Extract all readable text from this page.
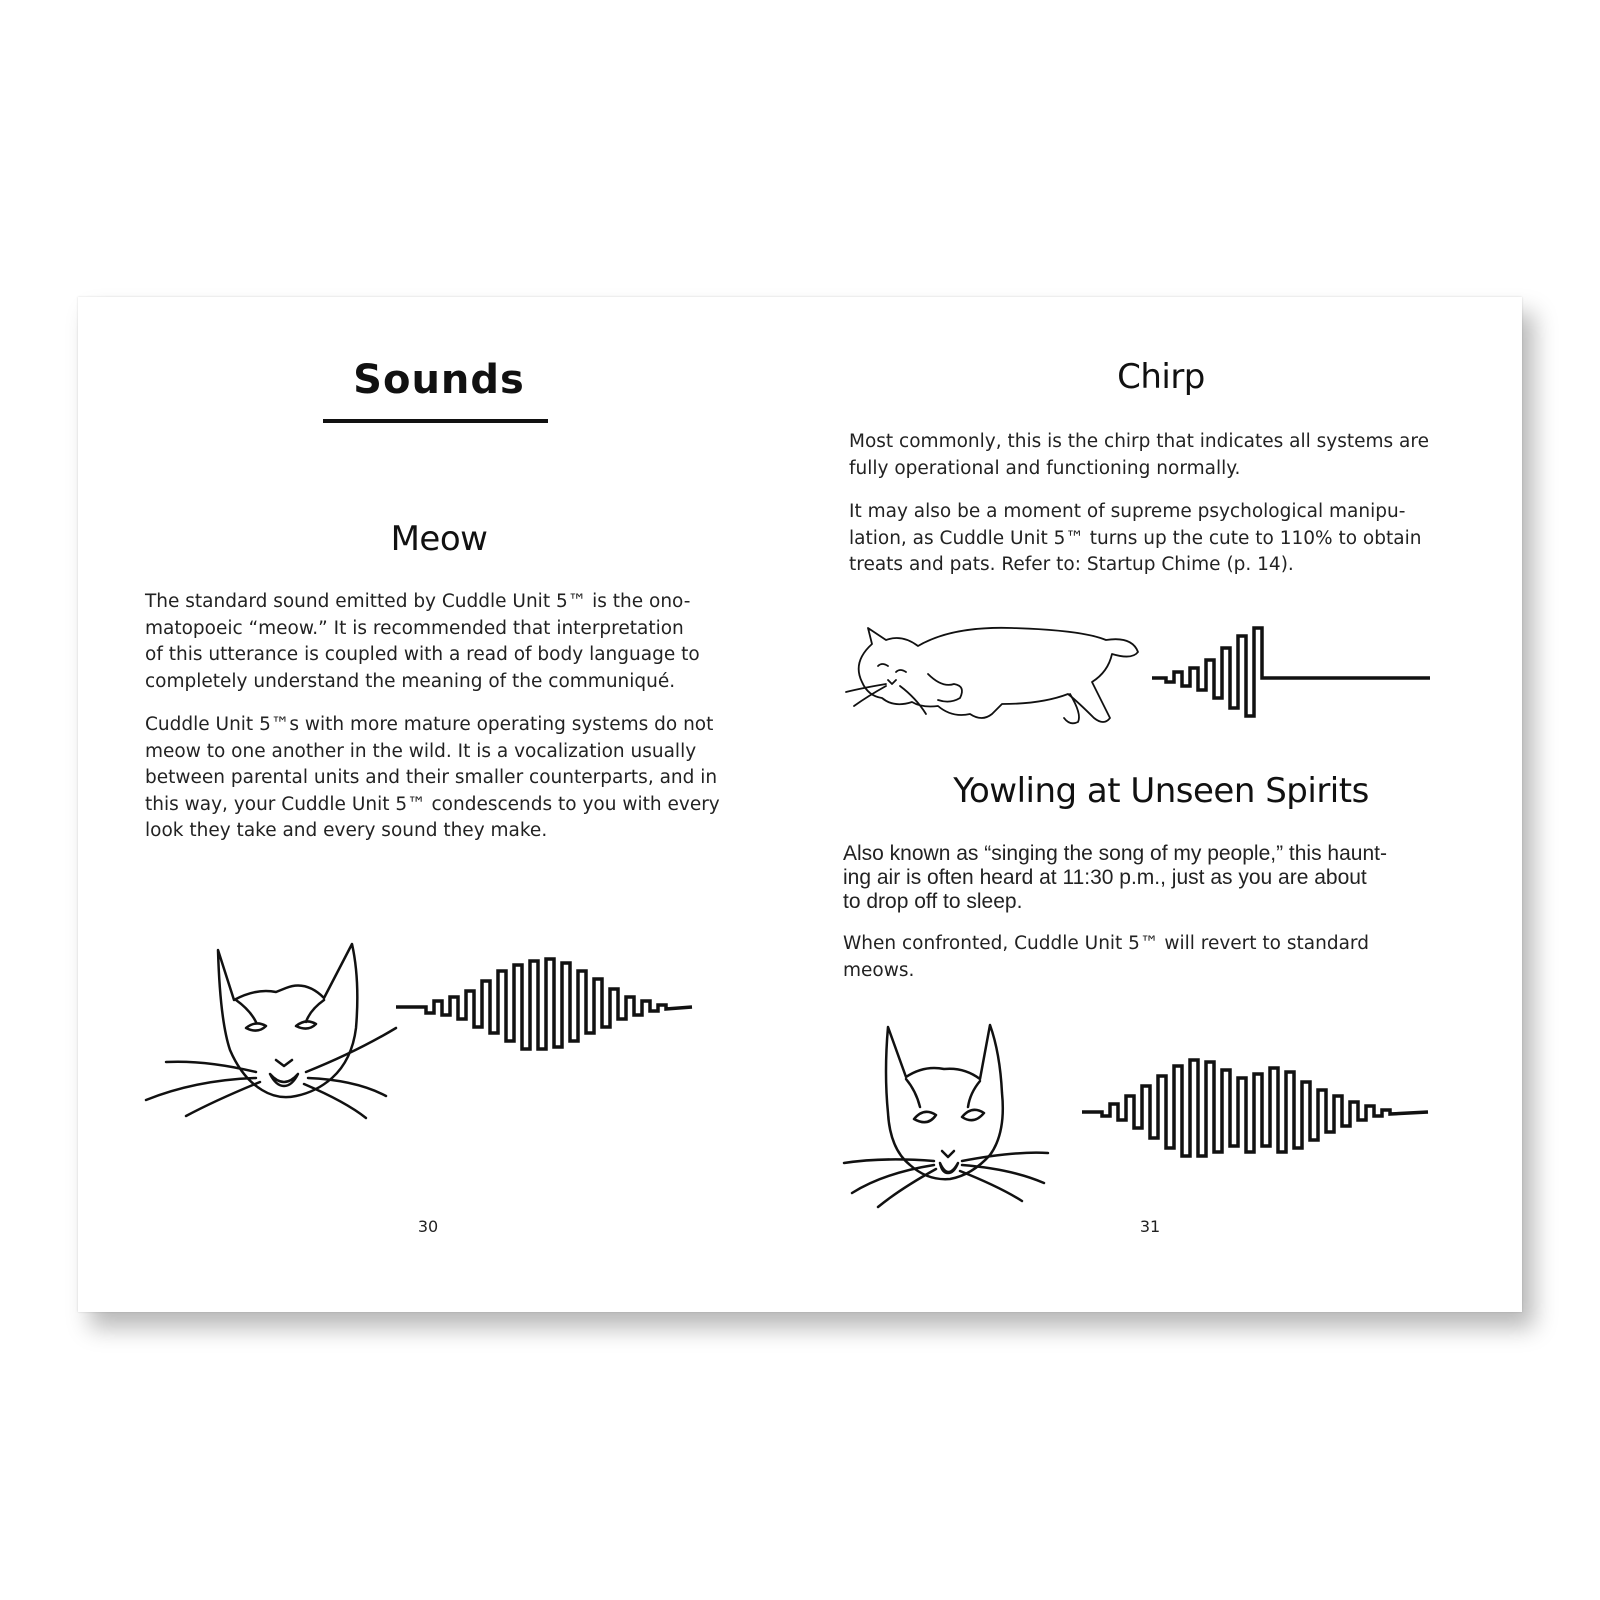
Sounds
Meow

The standard sound emitted by Cuddle Unit 5™ is the ono-
matopoeic “meow.” It is recommended that interpretation
of this utterance is coupled with a read of body language to
completely understand the meaning of the communiqué.

Cuddle Unit 5™s with more mature operating systems do not
meow to one another in the wild. It is a vocalization usually
between parental units and their smaller counterparts, and in
this way, your Cuddle Unit 5™ condescends to you with every
look they take and every sound they make.

30
Chirp

Most commonly, this is the chirp that indicates all systems are
fully operational and functioning normally.

It may also be a moment of supreme psychological manipu-
lation, as Cuddle Unit 5™ turns up the cute to 110% to obtain
treats and pats. Refer to: Startup Chime (p. 14).

Yowling at Unseen Spirits

Also known as “singing the song of my people,” this haunt-
ing air is often heard at 11:30 p.m., just as you are about
to drop off to sleep.

When confronted, Cuddle Unit 5™ will revert to standard
meows.

31
